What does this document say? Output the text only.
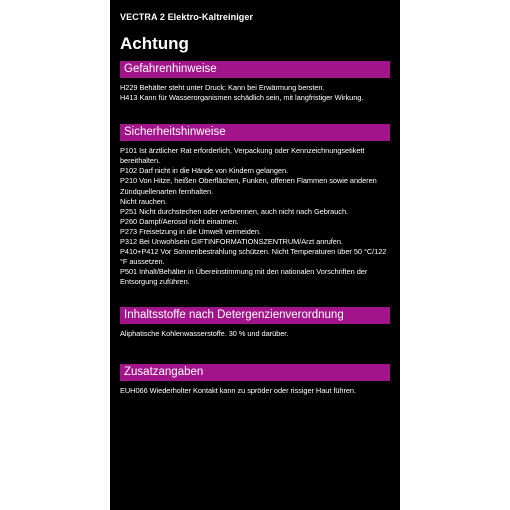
VECTRA 2 Elektro-Kaltreiniger
Achtung
Gefahrenhinweise
H229 Behälter steht unter Druck: Kann bei Erwärmung bersten.
H413 Kann für Wasserorganismen schädlich sein, mit langfristiger Wirkung.
Sicherheitshinweise
P101 Ist ärztlicher Rat erforderlich, Verpackung oder Kennzeichnungsetikett bereithalten.
P102 Darf nicht in die Hände von Kindern gelangen.
P210 Von Hitze, heißen Oberflächen, Funken, offenen Flammen sowie anderen Zündquellenarten fernhalten.
Nicht rauchen.
P251 Nicht durchstechen oder verbrennen, auch nicht nach Gebrauch.
P260 Dampf/Aerosol nicht einatmen.
P273 Freisetzung in die Umwelt vermeiden.
P312 Bei Unwohlsein GIFTINFORMATIONSZENTRUM/Arzt anrufen.
P410+P412 Vor Sonnenbestrahlung schützen. Nicht Temperaturen über 50 °C/122 °F aussetzen.
P501 Inhalt/Behälter in Übereinstimmung mit den nationalen Vorschriften der Entsorgung zuführen.
Inhaltsstoffe nach Detergenzienverordnung
Aliphatische Kohlenwasserstoffe. 30 % und darüber.
Zusatzangaben
EUH066 Wiederholter Kontakt kann zu spröder oder rissiger Haut führen.
